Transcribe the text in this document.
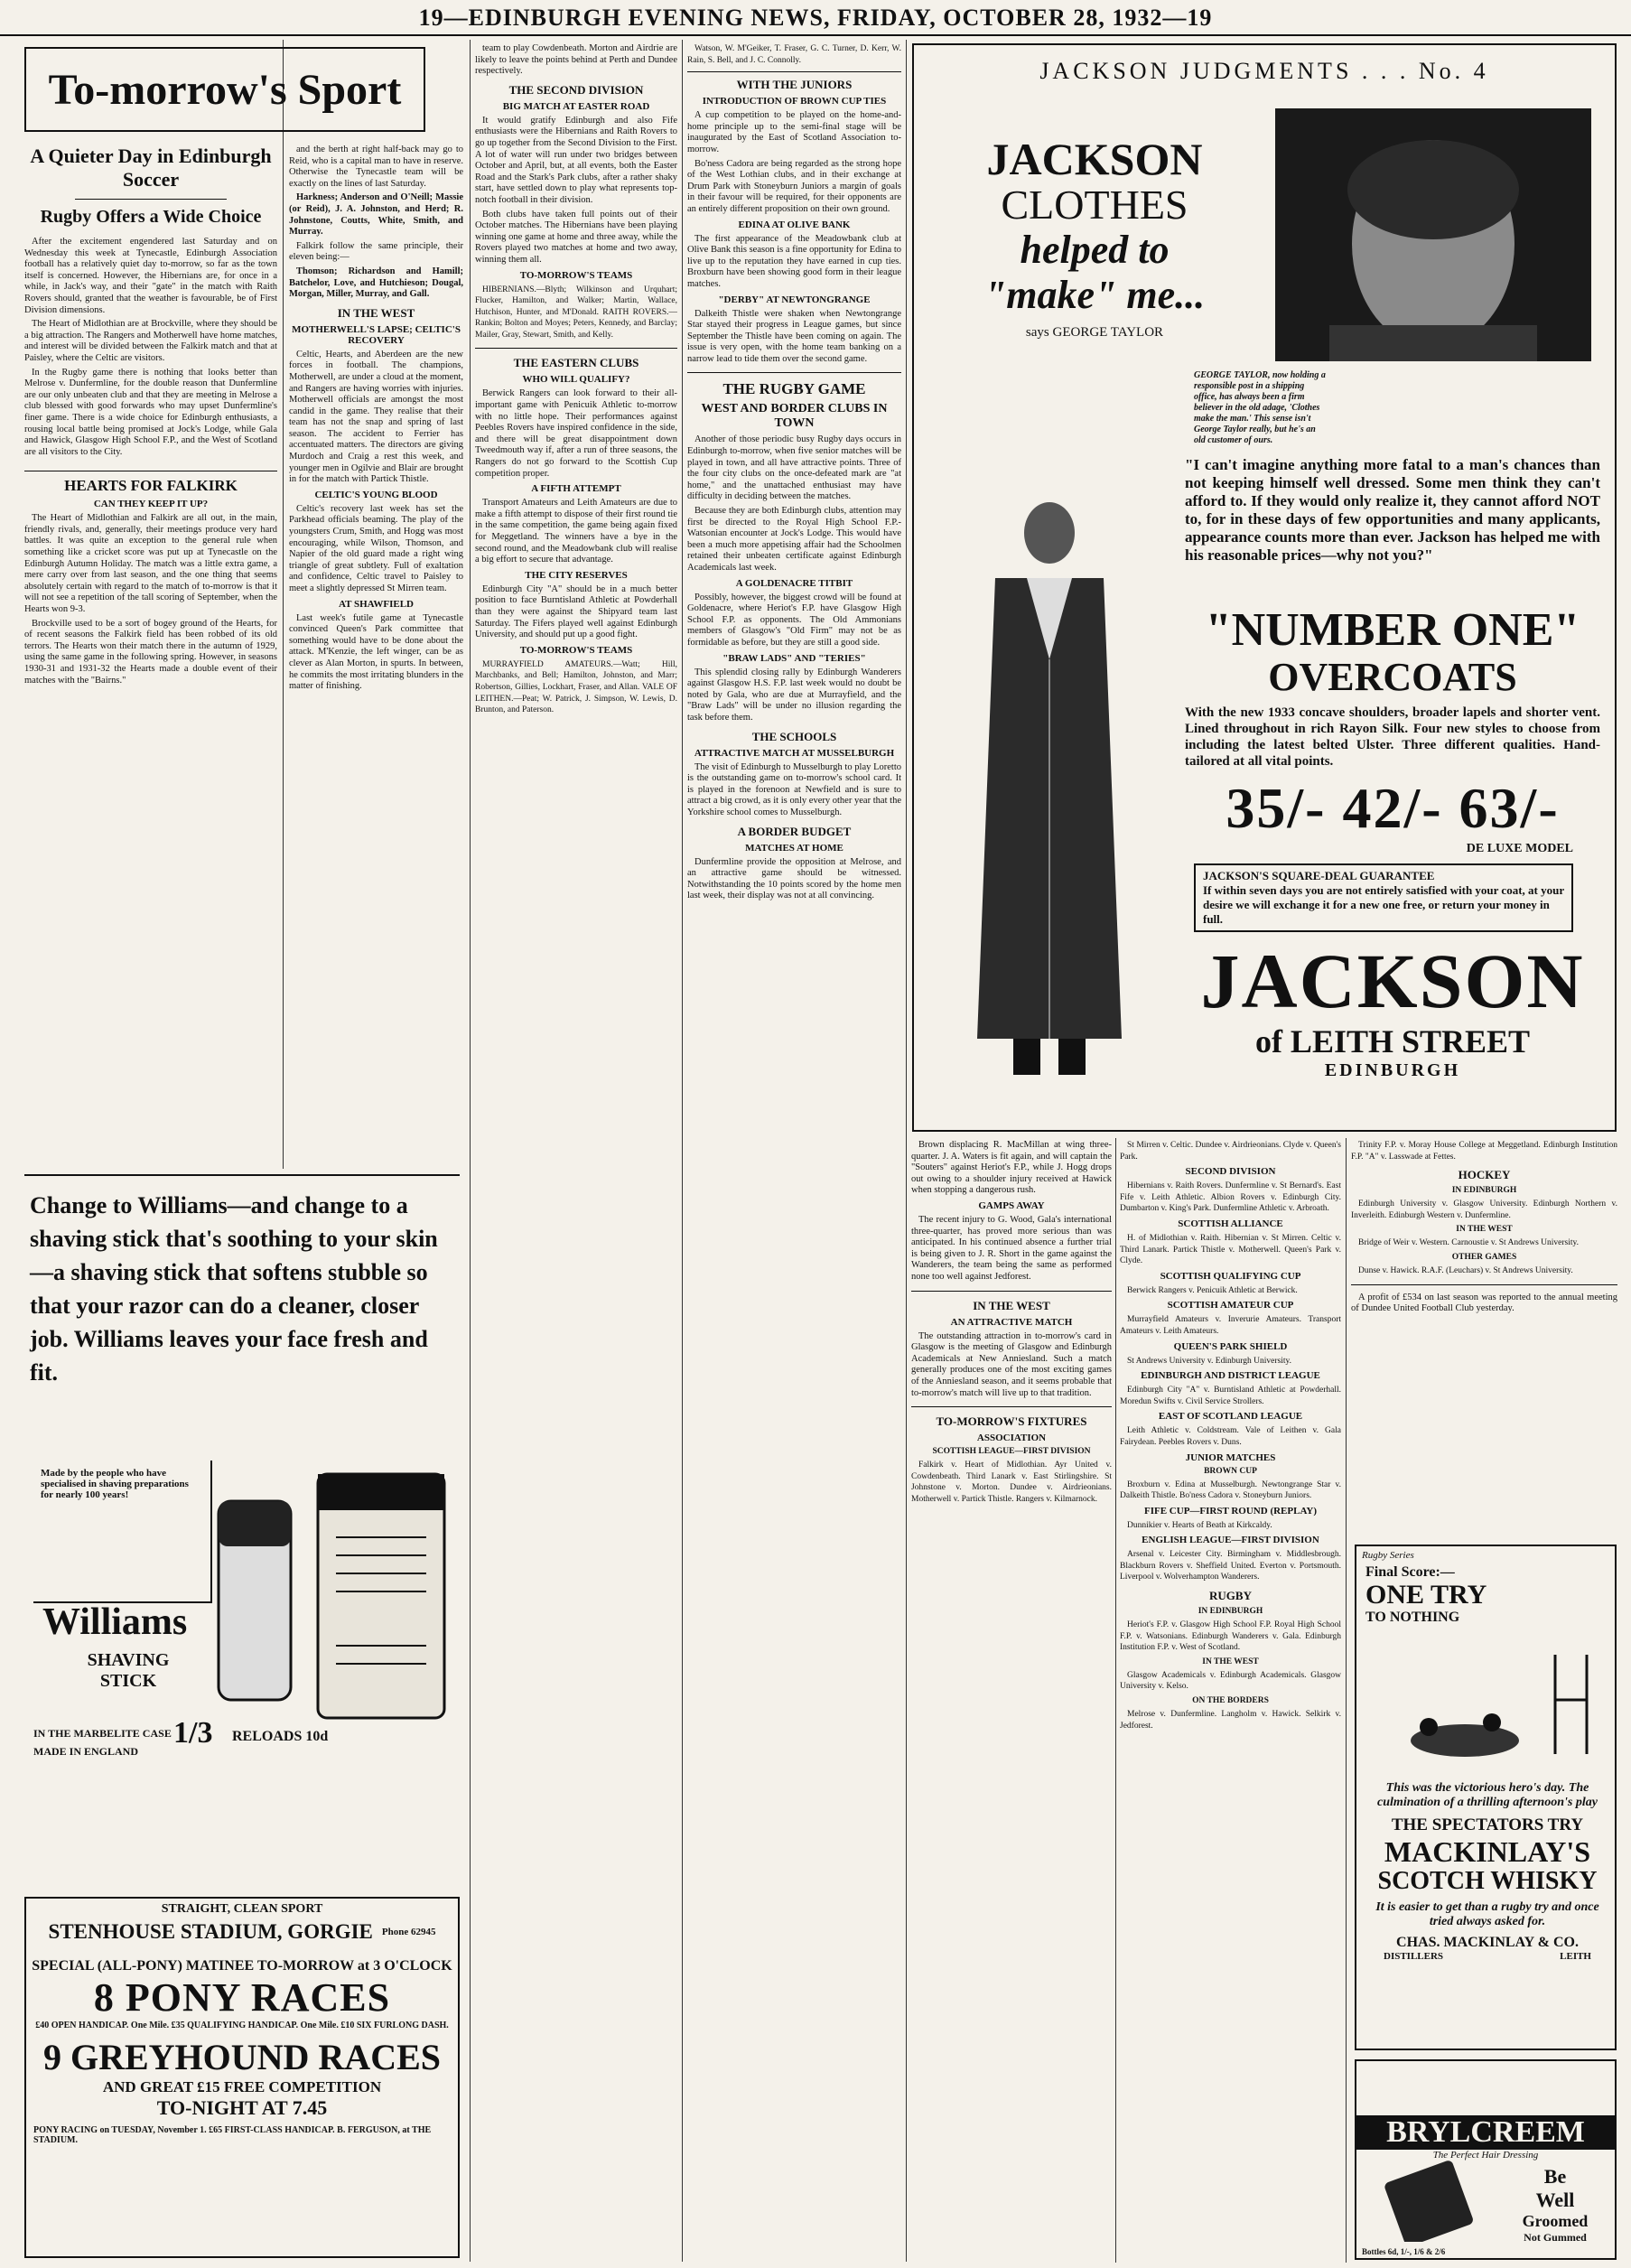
19—EDINBURGH EVENING NEWS, FRIDAY, OCTOBER 28, 1932—19
To-morrow's Sport
A Quieter Day in Edinburgh Soccer
Rugby Offers a Wide Choice

After the excitement engendered last Saturday and on Wednesday this week at Tynecastle, Edinburgh Association football has a relatively quiet day to-morrow, so far as the town itself is concerned. However, the Hibernians are, for once in a while, in Jack's way, and their "gate" in the match with Raith Rovers should, granted that the weather is favourable, be of First Division dimensions.

The Heart of Midlothian are at Brockville, where they should be a big attraction. The Rangers and Motherwell have home matches, and interest will be divided between the Falkirk match and that at Paisley, where the Celtic are visitors.

In the Rugby game there is nothing that looks better than Melrose v. Dunfermline, for the double reason that Dunfermline are our only unbeaten club and that they are meeting in Melrose a club blessed with good forwards who may upset Dunfermline's finer game. There is a wide choice for Edinburgh enthusiasts, a rousing local battle being promised at Jock's Lodge, while Gala and Hawick, Glasgow High School F.P., and the West of Scotland are all visitors to the City.

HEARTS FOR FALKIRK
CAN THEY KEEP IT UP?

The Heart of Midlothian and Falkirk are all out, in the main, friendly rivals, and, generally, their meetings produce very hard battles. It was quite an exception to the general rule when something like a cricket score was put up at Tynecastle on the Edinburgh Autumn Holiday. The match was a little extra game, a mere carry over from last season, and the one thing that seems absolutely certain with regard to the match of to-morrow is that it will not see a repetition of the tall scoring of September, when the Hearts won 9-3.

Brockville used to be a sort of bogey ground of the Hearts, for of recent seasons the Falkirk field has been robbed of its old terrors. The Hearts won their match there in the autumn of 1929, using the same game in the following spring. However, in seasons 1930-31 and 1931-32 the Hearts made a double event of their matches with the "Bairns."

Change to Williams—and change to a shaving stick that's soothing to your skin—a shaving stick that softens stubble so that your razor can do a cleaner, closer job. Williams leaves your face fresh and fit.
Made by the people who have specialised in shaving preparations for nearly 100 years!
Williams
SHAVING STICK
IN THE MARBELITE CASE
MADE IN ENGLAND
1/3 RELOADS 10d
STRAIGHT, CLEAN SPORT
STENHOUSE STADIUM, GORGIE Phone 62945
SPECIAL (ALL-PONY) MATINEE TO-MORROW at 3 O'CLOCK
8 PONY RACES
£40 OPEN HANDICAP. One Mile. £35 QUALIFYING HANDICAP. One Mile. £10 SIX FURLONG DASH.
9 GREYHOUND RACES
AND GREAT £15 FREE COMPETITION
TO-NIGHT AT 7.45
PONY RACING on TUESDAY, November 1. £65 FIRST-CLASS HANDICAP. B. FERGUSON, at THE STADIUM.

and the berth at right half-back may go to Reid, who is a capital man to have in reserve. Otherwise the Tynecastle team will be exactly on the lines of last Saturday.

Harkness; Anderson and O'Neill; Massie (or Reid), J. A. Johnston, and Herd; R. Johnstone, Coutts, White, Smith, and Murray.

Falkirk follow the same principle, their eleven being:—

Thomson; Richardson and Hamill; Batchelor, Love, and Hutchieson; Dougal, Morgan, Miller, Murray, and Gall.

IN THE WEST
MOTHERWELL'S LAPSE; CELTIC'S RECOVERY

Celtic, Hearts, and Aberdeen are the new forces in football. The champions, Motherwell, are under a cloud at the moment, and Rangers are having worries with injuries. Motherwell officials are amongst the most candid in the game. They realise that their team has not the snap and spring of last season. The accident to Ferrier has accentuated matters. The directors are giving Murdoch and Craig a rest this week, and younger men in Ogilvie and Blair are brought in for the match with Partick Thistle.

CELTIC'S YOUNG BLOOD

Celtic's recovery last week has set the Parkhead officials beaming. The play of the youngsters Crum, Smith, and Hogg was most encouraging, while Wilson, Thomson, and Napier of the old guard made a right wing triangle of great subtlety. Full of exaltation and confidence, Celtic travel to Paisley to meet a slightly depressed St Mirren team.

AT SHAWFIELD

Last week's futile game at Tynecastle convinced Queen's Park committee that something would have to be done about the attack. M'Kenzie, the left winger, can be as clever as Alan Morton, in spurts. In between, he commits the most irritating blunders in the matter of finishing.

team to play Cowdenbeath. Morton and Airdrie are likely to leave the points behind at Perth and Dundee respectively.

THE SECOND DIVISION
BIG MATCH AT EASTER ROAD

It would gratify Edinburgh and also Fife enthusiasts were the Hibernians and Raith Rovers to go up together from the Second Division to the First. A lot of water will run under two bridges between October and April, but, at all events, both the Easter Road and the Stark's Park clubs, after a rather shaky start, have settled down to play what represents top-notch football in their division.

Both clubs have taken full points out of their October matches. The Hibernians have been playing winning one game at home and three away, while the Rovers played two matches at home and two away, winning them all.

TO-MORROW'S TEAMS

HIBERNIANS.—Blyth; Wilkinson and Urquhart; Flucker, Hamilton, and Walker; Martin, Wallace, Hutchison, Hunter, and M'Donald. RAITH ROVERS.—Rankin; Bolton and Moyes; Peters, Kennedy, and Barclay; Mailer, Gray, Stewart, Smith, and Kelly.

THE EASTERN CLUBS
WHO WILL QUALIFY?

Berwick Rangers can look forward to their all-important game with Penicuik Athletic to-morrow with no little hope. Their performances against Peebles Rovers have inspired confidence in the side, and there will be great disappointment down Tweedmouth way if, after a run of three seasons, the Rangers do not go forward to the Scottish Cup competition proper.

A FIFTH ATTEMPT

Transport Amateurs and Leith Amateurs are due to make a fifth attempt to dispose of their first round tie in the same competition, the game being again fixed for Meggetland. The winners have a bye in the second round, and the Meadowbank club will realise a big effort to secure that advantage.

THE CITY RESERVES

Edinburgh City "A" should be in a much better position to face Burntisland Athletic at Powderhall than they were against the Shipyard team last Saturday. The Fifers played well against Edinburgh University, and should put up a good fight.

TO-MORROW'S TEAMS

MURRAYFIELD AMATEURS.—Watt; Hill, Marchbanks, and Bell; Hamilton, Johnston, and Marr; Robertson, Gillies, Lockhart, Fraser, and Allan. VALE OF LEITHEN.—Peat; W. Patrick, J. Simpson, W. Lewis, D. Brunton, and Paterson.

Watson, W. M'Geiker, T. Fraser, G. C. Turner, D. Kerr, W. Rain, S. Bell, and J. C. Connolly.

WITH THE JUNIORS
INTRODUCTION OF BROWN CUP TIES

A cup competition to be played on the home-and-home principle up to the semi-final stage will be inaugurated by the East of Scotland Association to-morrow.

Bo'ness Cadora are being regarded as the strong hope of the West Lothian clubs, and in their exchange at Drum Park with Stoneyburn Juniors a margin of goals in their favour will be required, for their opponents are an entirely different proposition on their own ground.

EDINA AT OLIVE BANK

The first appearance of the Meadowbank club at Olive Bank this season is a fine opportunity for Edina to live up to the reputation they have earned in cup ties. Broxburn have been showing good form in their league matches.

"DERBY" AT NEWTONGRANGE

Dalkeith Thistle were shaken when Newtongrange Star stayed their progress in League games, but since September the Thistle have been coming on again. The issue is very open, with the home team banking on a narrow lead to tide them over the second game.

THE RUGBY GAME
WEST AND BORDER CLUBS IN TOWN

Another of those periodic busy Rugby days occurs in Edinburgh to-morrow, when five senior matches will be played in town, and all have attractive points. Three of the four city clubs on the once-defeated mark are "at home," and the unattached enthusiast may have difficulty in deciding between the matches.

Because they are both Edinburgh clubs, attention may first be directed to the Royal High School F.P.-Watsonian encounter at Jock's Lodge. This would have been a much more appetising affair had the Schoolmen retained their unbeaten certificate against Edinburgh Academicals last week.

A GOLDENACRE TITBIT

Possibly, however, the biggest crowd will be found at Goldenacre, where Heriot's F.P. have Glasgow High School F.P. as opponents. The Old Ammonians members of Glasgow's "Old Firm" may not be as formidable as before, but they are still a good side.

"BRAW LADS" AND "TERIES"

This splendid closing rally by Edinburgh Wanderers against Glasgow H.S. F.P. last week would no doubt be noted by Gala, who are due at Murrayfield, and the "Braw Lads" will be under no illusion regarding the task before them.

THE SCHOOLS
ATTRACTIVE MATCH AT MUSSELBURGH

The visit of Edinburgh to Musselburgh to play Loretto is the outstanding game on to-morrow's school card. It is played in the forenoon at Newfield and is sure to attract a big crowd, as it is only every other year that the Yorkshire school comes to Musselburgh.

A BORDER BUDGET
MATCHES AT HOME

Dunfermline provide the opposition at Melrose, and an attractive game should be witnessed. Notwithstanding the 10 points scored by the home men last week, their display was not at all convincing.

JACKSON JUDGMENTS . . . No. 4
JACKSON
CLOTHES
helped to
"make" me...
says GEORGE TAYLOR
GEORGE TAYLOR, now holding a responsible post in a shipping office, has always been a firm believer in the old adage, 'Clothes make the man.' This sense isn't George Taylor really, but he's an old customer of ours.
"I can't imagine anything more fatal to a man's chances than not keeping himself well dressed. Some men think they can't afford to. If they would only realize it, they cannot afford NOT to, for in these days of few opportunities and many applicants, appearance counts more than ever. Jackson has helped me with his reasonable prices—why not you?"
"NUMBER ONE"
OVERCOATS
With the new 1933 concave shoulders, broader lapels and shorter vent. Lined throughout in rich Rayon Silk. Four new styles to choose from including the latest belted Ulster. Three different qualities. Hand-tailored at all vital points.
35/- 42/- 63/-
DE LUXE MODEL
JACKSON'S SQUARE-DEAL GUARANTEE
If within seven days you are not entirely satisfied with your coat, at your desire we will exchange it for a new one free, or return your money in full.
JACKSON
of LEITH STREET
EDINBURGH

Brown displacing R. MacMillan at wing three-quarter. J. A. Waters is fit again, and will captain the "Souters" against Heriot's F.P., while J. Hogg drops out owing to a shoulder injury received at Hawick when stopping a dangerous rush.

GAMPS AWAY

The recent injury to G. Wood, Gala's international three-quarter, has proved more serious than was anticipated. In his continued absence a further trial is being given to J. R. Short in the game against the Wanderers, the team being the same as performed none too well against Jedforest.

IN THE WEST
AN ATTRACTIVE MATCH

The outstanding attraction in to-morrow's card in Glasgow is the meeting of Glasgow and Edinburgh Academicals at New Anniesland. Such a match generally produces one of the most exciting games of the Anniesland season, and it seems probable that to-morrow's match will live up to that tradition.

TO-MORROW'S FIXTURES
ASSOCIATION
SCOTTISH LEAGUE—FIRST DIVISION

Falkirk v. Heart of Midlothian. Ayr United v. Cowdenbeath. Third Lanark v. East Stirlingshire. St Johnstone v. Morton. Dundee v. Airdrieonians. Motherwell v. Partick Thistle. Rangers v. Kilmarnock.

St Mirren v. Celtic. Dundee v. Airdrieonians. Clyde v. Queen's Park.

SECOND DIVISION

Hibernians v. Raith Rovers. Dunfermline v. St Bernard's. East Fife v. Leith Athletic. Albion Rovers v. Edinburgh City. Dumbarton v. King's Park. Dunfermline Athletic v. Arbroath.

SCOTTISH ALLIANCE

H. of Midlothian v. Raith. Hibernian v. St Mirren. Celtic v. Third Lanark. Partick Thistle v. Motherwell. Queen's Park v. Clyde.

SCOTTISH QUALIFYING CUP

Berwick Rangers v. Penicuik Athletic at Berwick.

SCOTTISH AMATEUR CUP

Murrayfield Amateurs v. Inverurie Amateurs. Transport Amateurs v. Leith Amateurs.

QUEEN'S PARK SHIELD

St Andrews University v. Edinburgh University.

EDINBURGH AND DISTRICT LEAGUE

Edinburgh City "A" v. Burntisland Athletic at Powderhall. Moredun Swifts v. Civil Service Strollers.

EAST OF SCOTLAND LEAGUE

Leith Athletic v. Coldstream. Vale of Leithen v. Gala Fairydean. Peebles Rovers v. Duns.

JUNIOR MATCHES
BROWN CUP

Broxburn v. Edina at Musselburgh. Newtongrange Star v. Dalkeith Thistle. Bo'ness Cadora v. Stoneyburn Juniors.

FIFE CUP—FIRST ROUND (REPLAY)

Dunnikier v. Hearts of Beath at Kirkcaldy.

ENGLISH LEAGUE—FIRST DIVISION

Arsenal v. Leicester City. Birmingham v. Middlesbrough. Blackburn Rovers v. Sheffield United. Everton v. Portsmouth. Liverpool v. Wolverhampton Wanderers.

RUGBY
IN EDINBURGH

Heriot's F.P. v. Glasgow High School F.P. Royal High School F.P. v. Watsonians. Edinburgh Wanderers v. Gala. Edinburgh Institution F.P. v. West of Scotland.

IN THE WEST

Glasgow Academicals v. Edinburgh Academicals. Glasgow University v. Kelso.

ON THE BORDERS

Melrose v. Dunfermline. Langholm v. Hawick. Selkirk v. Jedforest.

Trinity F.P. v. Moray House College at Meggetland. Edinburgh Institution F.P. "A" v. Lasswade at Fettes.

HOCKEY
IN EDINBURGH

Edinburgh University v. Glasgow University. Edinburgh Northern v. Inverleith. Edinburgh Western v. Dunfermline.

IN THE WEST

Bridge of Weir v. Western. Carnoustie v. St Andrews University.

OTHER GAMES

Dunse v. Hawick. R.A.F. (Leuchars) v. St Andrews University.

A profit of £534 on last season was reported to the annual meeting of Dundee United Football Club yesterday.

Rugby Series
Final Score:—
ONE TRY
TO NOTHING
This was the victorious hero's day. The culmination of a thrilling afternoon's play
THE SPECTATORS TRY
MACKINLAY'S
SCOTCH WHISKY
It is easier to get than a rugby try and once tried always asked for.
CHAS. MACKINLAY & CO.
DISTILLERS	LEITH
BRYLCREEM
The Perfect Hair Dressing
Be
Well
Groomed
Not Gummed
Bottles 6d, 1/-, 1/6 & 2/6
